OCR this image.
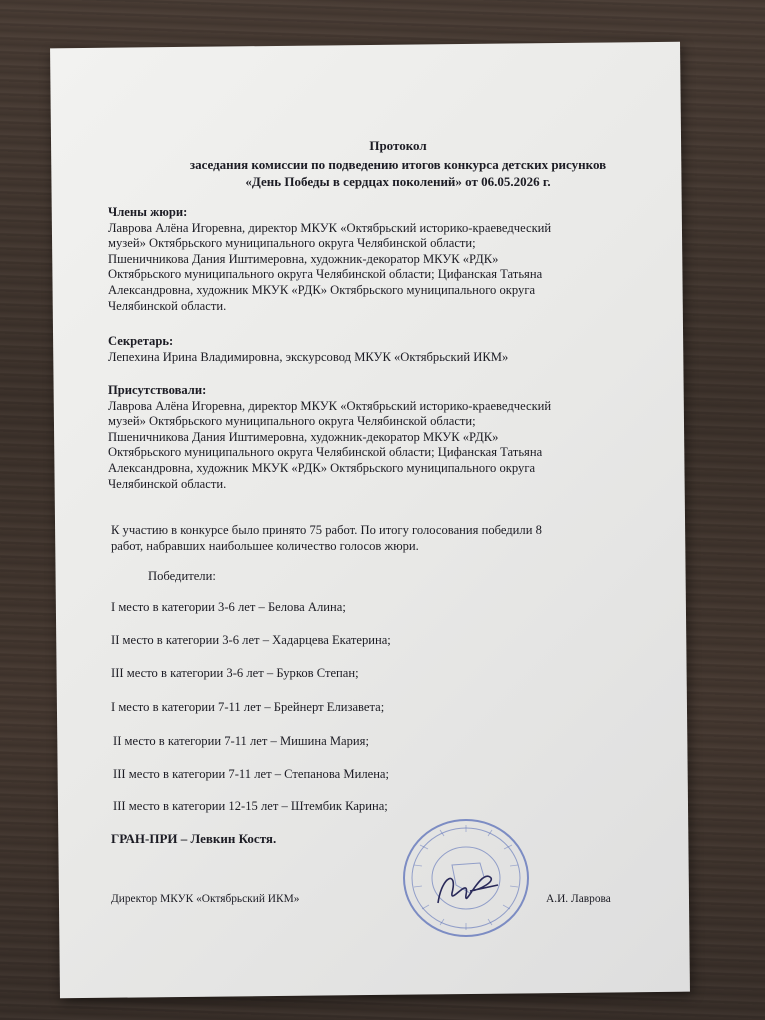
Протокол
заседания комиссии по подведению итогов конкурса детских рисунков
«День Победы в сердцах поколений» от 06.05.2026 г.
Члены жюри:
Лаврова Алёна Игоревна, директор МКУК «Октябрьский историко-краеведческий
музей» Октябрьского муниципального округа Челябинской области;
Пшеничникова Дания Иштимеровна, художник-декоратор МКУК «РДК»
Октябрьского муниципального округа Челябинской области; Цифанская Татьяна
Александровна, художник МКУК «РДК» Октябрьского муниципального округа
Челябинской области.
Секретарь:
Лепехина Ирина Владимировна, экскурсовод МКУК «Октябрьский ИКМ»
Присутствовали:
Лаврова Алёна Игоревна, директор МКУК «Октябрьский историко-краеведческий
музей» Октябрьского муниципального округа Челябинской области;
Пшеничникова Дания Иштимеровна, художник-декоратор МКУК «РДК»
Октябрьского муниципального округа Челябинской области; Цифанская Татьяна
Александровна, художник МКУК «РДК» Октябрьского муниципального округа
Челябинской области.
К участию в конкурсе было принято 75 работ. По итогу голосования победили 8
работ, набравших наибольшее количество голосов жюри.
Победители:
I место в категории 3-6 лет – Белова Алина;
II место в категории 3-6 лет – Хадарцева Екатерина;
III место в категории 3-6 лет – Бурков Степан;
I место в категории 7-11 лет – Брейнерт Елизавета;
II место в категории 7-11 лет – Мишина Мария;
III место в категории 7-11 лет – Степанова Милена;
III место в категории 12-15 лет – Штембик Карина;
ГРАН-ПРИ – Левкин Костя.
Директор МКУК «Октябрьский ИКМ»	А.И. Лаврова
